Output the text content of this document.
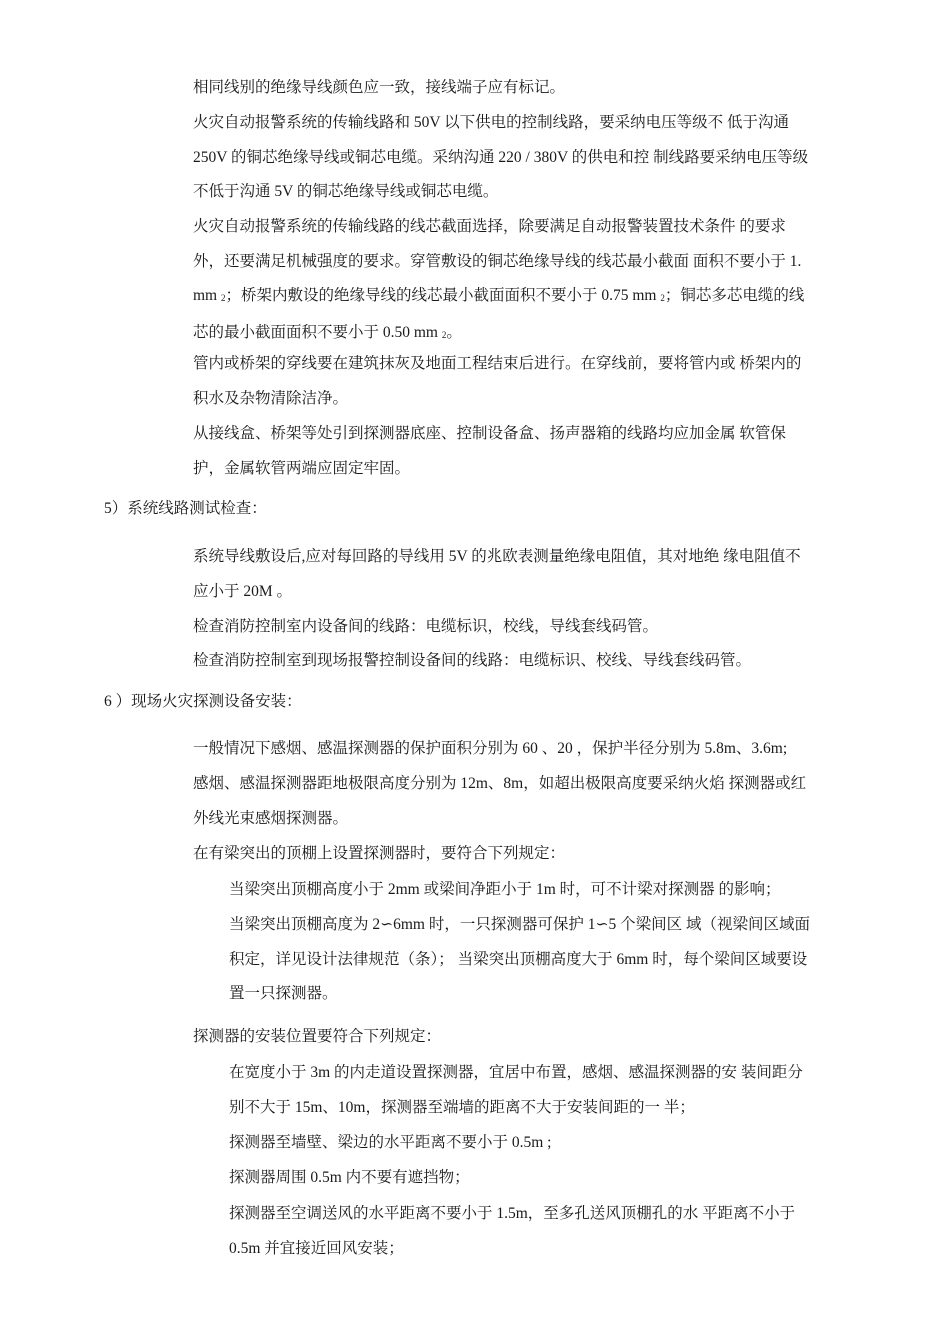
相同线别的绝缘导线颜色应一致，接线端子应有标记。
火灾自动报警系统的传输线路和 50V 以下供电的控制线路，要采纳电压等级不 低于沟通
250V 的铜芯绝缘导线或铜芯电缆。采纳沟通 220 / 380V 的供电和控 制线路要采纳电压等级
不低于沟通 5V 的铜芯绝缘导线或铜芯电缆。
火灾自动报警系统的传输线路的线芯截面选择，除要满足自动报警装置技术条件 的要求
外，还要满足机械强度的要求。穿管敷设的铜芯绝缘导线的线芯最小截面 面积不要小于 1.
mm $_2$；桥架内敷设的绝缘导线的线芯最小截面面积不要小于 0.75 mm $_2$；铜芯多芯电缆的线
芯的最小截面面积不要小于 0.50 mm $_2$。
管内或桥架的穿线要在建筑抹灰及地面工程结束后进行。在穿线前，要将管内或 桥架内的
积水及杂物清除洁净。
从接线盒、桥架等处引到探测器底座、控制设备盒、扬声器箱的线路均应加金属 软管保
护，金属软管两端应固定牢固。
5）系统线路测试检查：
系统导线敷设后,应对每回路的导线用 5V 的兆欧表测量绝缘电阻值，其对地绝 缘电阻值不
应小于 20M 。
检查消防控制室内设备间的线路：电缆标识，校线，导线套线码管。
检查消防控制室到现场报警控制设备间的线路：电缆标识、校线、导线套线码管。
6 ）现场火灾探测设备安装：
一般情况下感烟、感温探测器的保护面积分别为 60 、20 ，保护半径分别为 5.8m、3.6m;
感烟、感温探测器距地极限高度分别为 12m、8m，如超出极限高度要采纳火焰 探测器或红
外线光束感烟探测器。
在有梁突出的顶棚上设置探测器时，要符合下列规定：
当梁突出顶棚高度小于 2mm 或梁间净距小于 1m 时，可不计梁对探测器 的影响；
当梁突出顶棚高度为 2∽6mm 时，一只探测器可保护 1∽5 个梁间区 域（视梁间区域面
积定，详见设计法律规范（条）； 当梁突出顶棚高度大于 6mm 时，每个梁间区域要设
置一只探测器。
探测器的安装位置要符合下列规定：
在宽度小于 3m 的内走道设置探测器，宜居中布置，感烟、感温探测器的安 装间距分
别不大于 15m、10m，探测器至端墙的距离不大于安装间距的一 半；
探测器至墙壁、梁边的水平距离不要小于 0.5m ;
探测器周围 0.5m 内不要有遮挡物；
探测器至空调送风的水平距离不要小于 1.5m，至多孔送风顶棚孔的水 平距离不小于
0.5m 并宜接近回风安装；
